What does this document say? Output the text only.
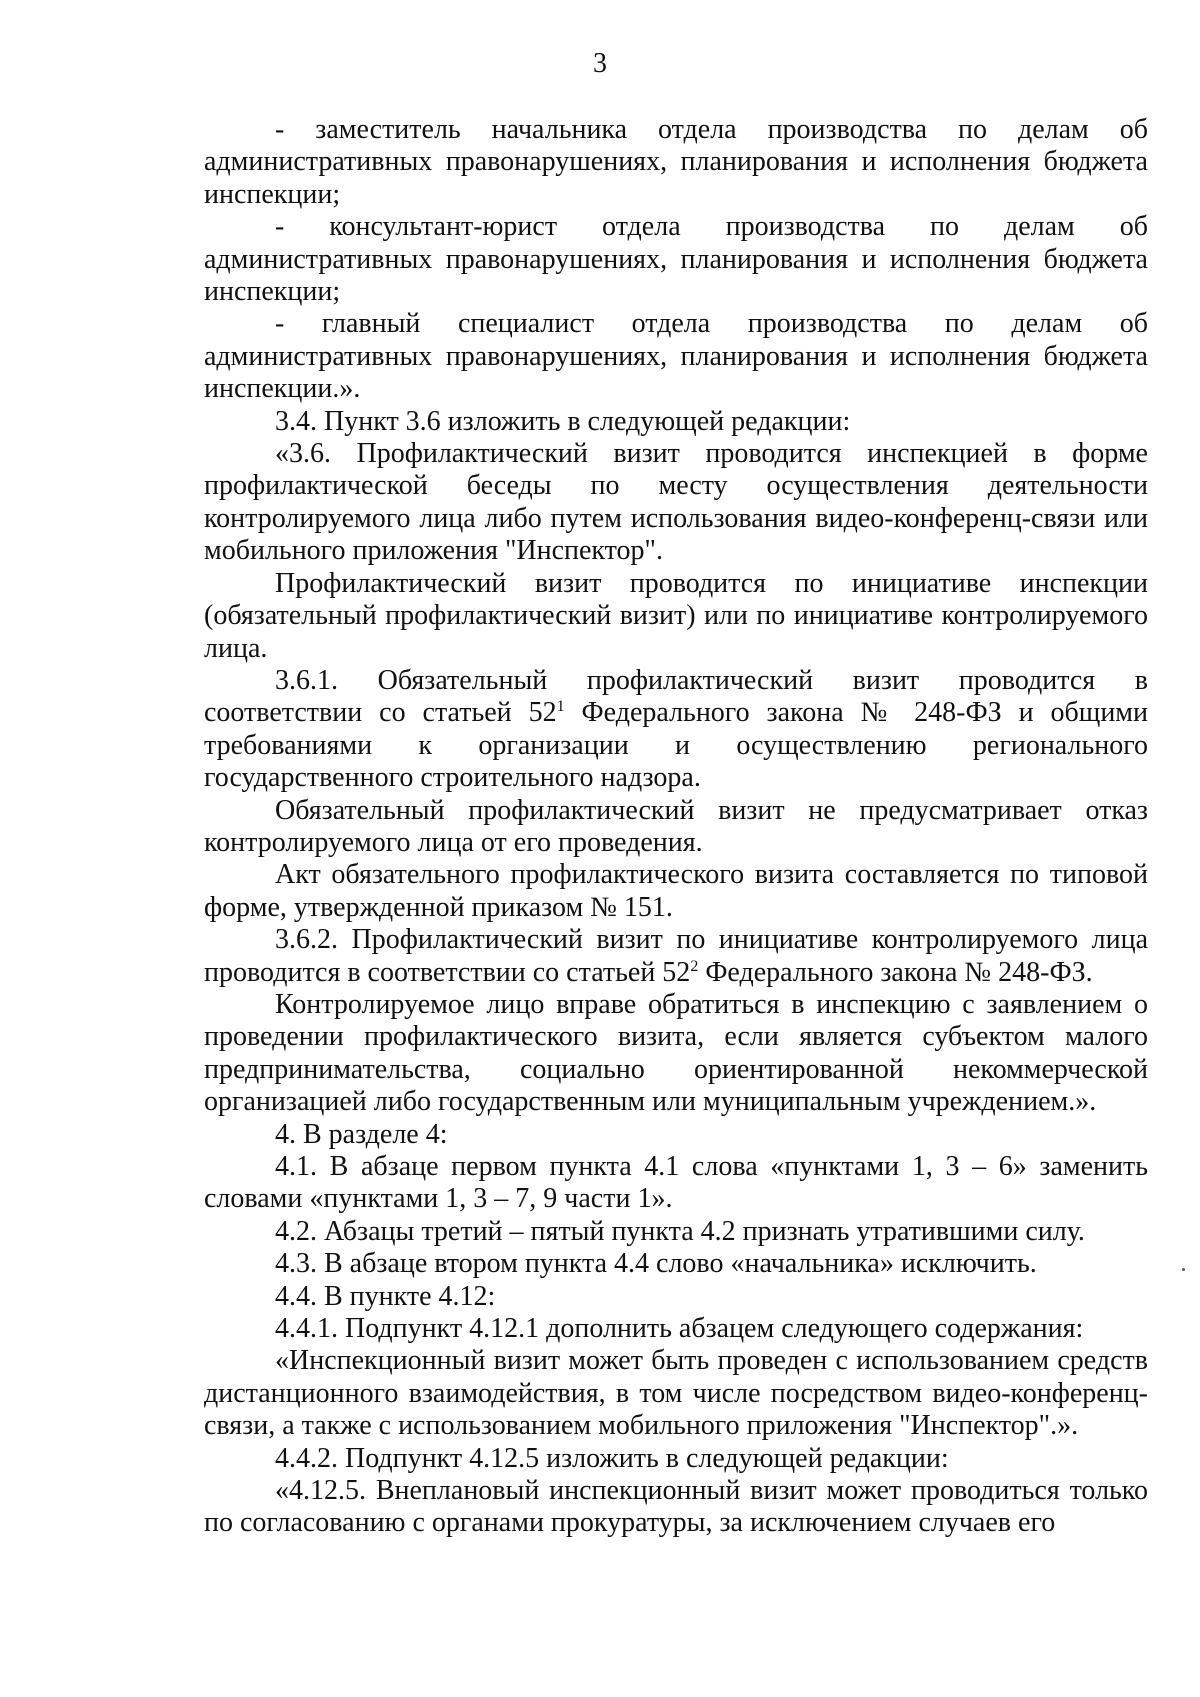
3

- заместитель начальника отдела производства по делам об административных правонарушениях, планирования и исполнения бюджета инспекции;

- консультант-юрист отдела производства по делам об административных правонарушениях, планирования и исполнения бюджета инспекции;

- главный специалист отдела производства по делам об административных правонарушениях, планирования и исполнения бюджета инспекции.».

3.4. Пункт 3.6 изложить в следующей редакции:

«3.6. Профилактический визит проводится инспекцией в форме профилактической беседы по месту осуществления деятельности контролируемого лица либо путем использования видео-конференц-связи или мобильного приложения "Инспектор".

Профилактический визит проводится по инициативе инспекции (обязательный профилактический визит) или по инициативе контролируемого лица.

3.6.1. Обязательный профилактический визит проводится в соответствии со статьей $52^1$ Федерального закона № 248-ФЗ и общими требованиями к организации и осуществлению регионального государственного строительного надзора.

Обязательный профилактический визит не предусматривает отказ контролируемого лица от его проведения.

Акт обязательного профилактического визита составляется по типовой форме, утвержденной приказом № 151.

3.6.2. Профилактический визит по инициативе контролируемого лица проводится в соответствии со статьей $52^2$ Федерального закона № 248-ФЗ.

Контролируемое лицо вправе обратиться в инспекцию с заявлением о проведении профилактического визита, если является субъектом малого предпринимательства, социально ориентированной некоммерческой организацией либо государственным или муниципальным учреждением.».

4. В разделе 4:

4.1. В абзаце первом пункта 4.1 слова «пунктами 1, 3 – 6» заменить словами «пунктами 1, 3 – 7, 9 части 1».

4.2. Абзацы третий – пятый пункта 4.2 признать утратившими силу.

4.3. В абзаце втором пункта 4.4 слово «начальника» исключить.

4.4. В пункте 4.12:

4.4.1. Подпункт 4.12.1 дополнить абзацем следующего содержания:

«Инспекционный визит может быть проведен с использованием средств дистанционного взаимодействия, в том числе посредством видео-конференц-связи, а также с использованием мобильного приложения "Инспектор".».

4.4.2. Подпункт 4.12.5 изложить в следующей редакции:

«4.12.5. Внеплановый инспекционный визит может проводиться только по согласованию с органами прокуратуры, за исключением случаев его
